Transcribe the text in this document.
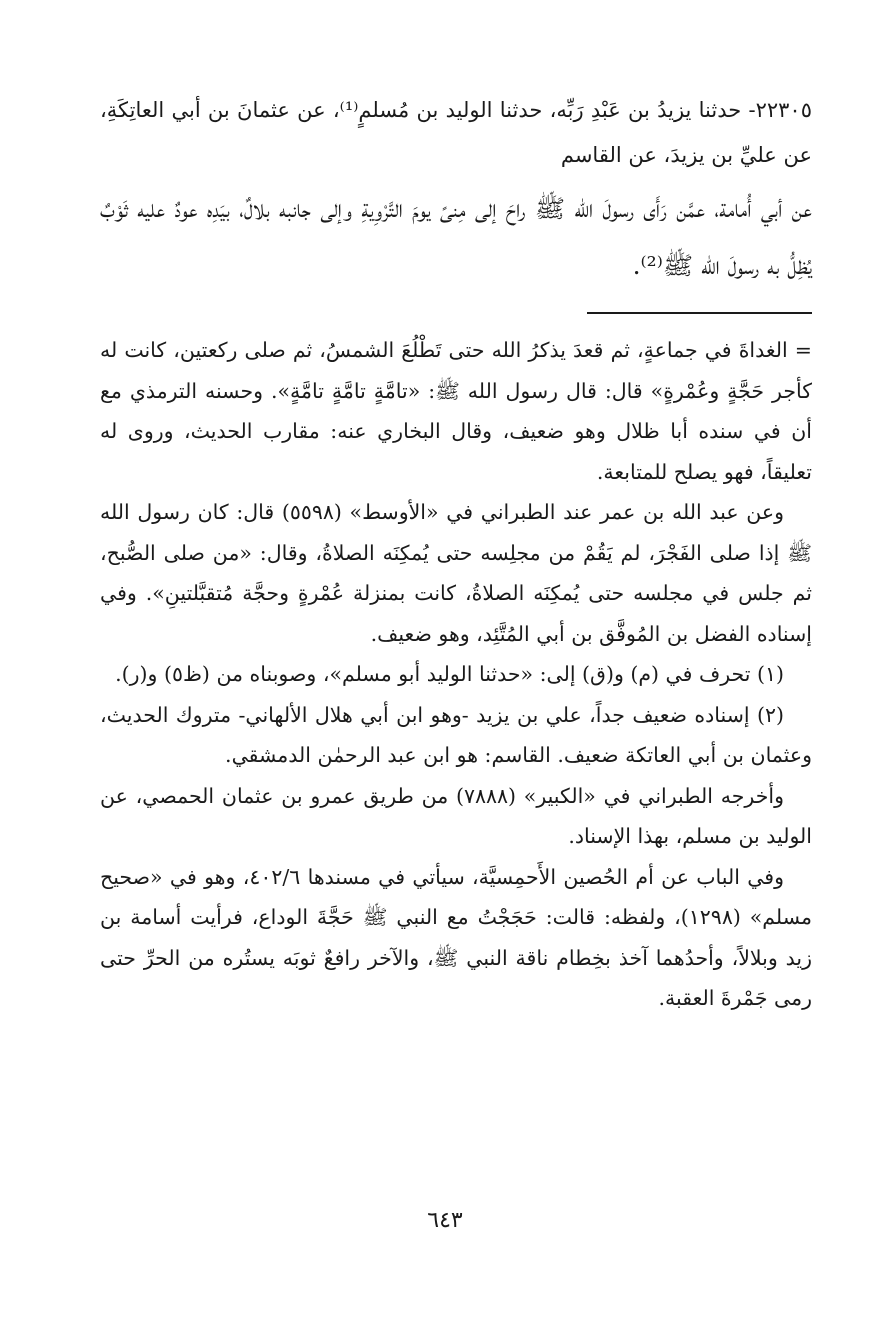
٢٢٣٠٥- حدثنا يزيدُ بن عَبْدِ رَبِّه، حدثنا الوليد بن مُسلمٍ⁽¹⁾، عن عثمانَ بن أبي العاتِكَةِ، عن عليِّ بن يزيدَ، عن القاسم

عن أبي أُمامة، عمَّن رَأَى رسولَ الله ﷺ راحَ إلى مِنىً يومَ التَّرْوِيةِ وإلى جانبه بلالٌ، بيَدِه عودٌ عليه ثَوْبٌ يُظِلُّ به رسولَ الله ﷺ⁽²⁾.

= الغداةَ في جماعةٍ، ثم قعدَ يذكرُ الله حتى تَطْلُعَ الشمسُ، ثم صلى ركعتين، كانت له كأجر حَجَّةٍ وعُمْرةٍ» قال: قال رسول الله ﷺ: «تامَّةٍ تامَّةٍ تامَّةٍ». وحسنه الترمذي مع أن في سنده أبا ظلال وهو ضعيف، وقال البخاري عنه: مقارب الحديث، وروى له تعليقاً، فهو يصلح للمتابعة.

وعن عبد الله بن عمر عند الطبراني في «الأوسط» (٥٥٩٨) قال: كان رسول الله ﷺ إذا صلى الفَجْرَ، لم يَقُمْ من مجلِسه حتى يُمكِنَه الصلاةُ، وقال: «من صلى الصُّبح، ثم جلس في مجلسه حتى يُمكِنَه الصلاةُ، كانت بمنزلة عُمْرةٍ وحجَّة مُتقبَّلتينِ». وفي إسناده الفضل بن المُوفَّق بن أبي المُتَّئِد، وهو ضعيف.

(١) تحرف في (م) و(ق) إلى: «حدثنا الوليد أبو مسلم»، وصوبناه من (ظ٥) و(ر).

(٢) إسناده ضعيف جداً، علي بن يزيد -وهو ابن أبي هلال الألهاني- متروك الحديث، وعثمان بن أبي العاتكة ضعيف. القاسم: هو ابن عبد الرحمٰن الدمشقي.

وأخرجه الطبراني في «الكبير» (٧٨٨٨) من طريق عمرو بن عثمان الحمصي، عن الوليد بن مسلم، بهذا الإسناد.

وفي الباب عن أم الحُصين الأَحمِسيَّة، سيأتي في مسندها ٤٠٢/٦، وهو في «صحيح مسلم» (١٢٩٨)، ولفظه: قالت: حَجَجْتُ مع النبي ﷺ حَجَّةَ الوداع، فرأيت أسامة بن زيد وبلالاً، وأحدُهما آخذ بخِطام ناقة النبي ﷺ، والآخر رافعٌ ثوبَه يستُره من الحرِّ حتى رمى جَمْرةَ العقبة.

٦٤٣
